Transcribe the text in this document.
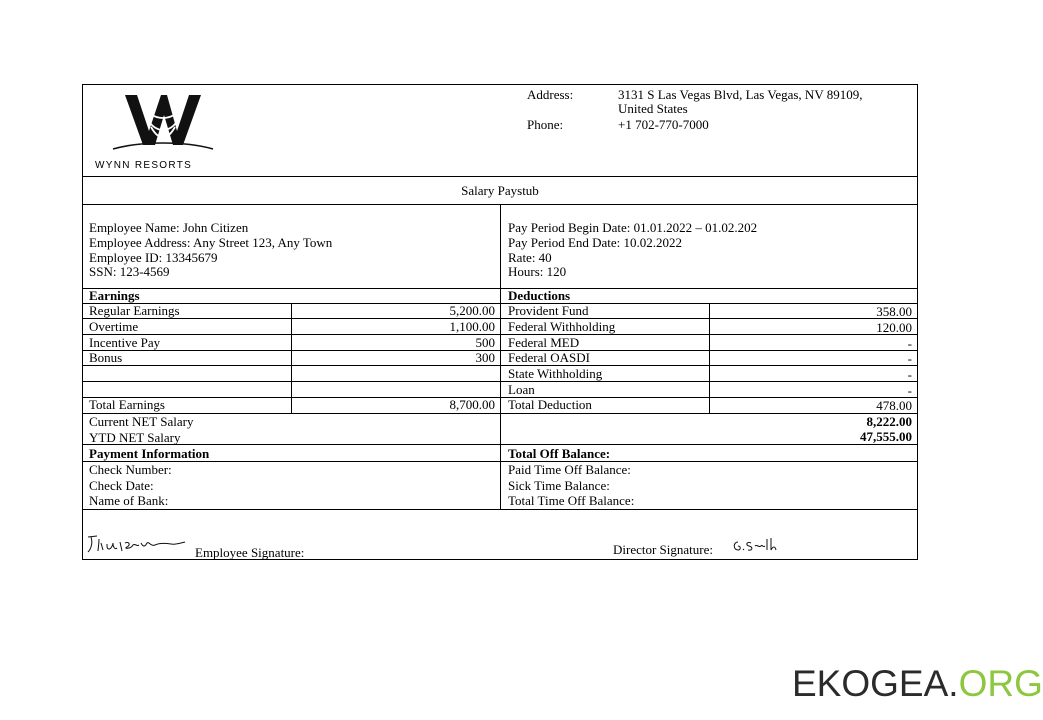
WYNN RESORTS
Address:	3131 S Las Vegas Blvd, Las Vegas, NV 89109,
United States
Phone:	+1 702-770-7000
Salary Paystub
Employee Name: John Citizen
Employee Address: Any Street 123, Any Town
Employee ID: 13345679
SSN: 123-4569
Pay Period Begin Date: 01.01.2022 – 01.02.202
Pay Period End Date: 10.02.2022
Rate: 40
Hours: 120
Earnings	Deductions
Regular Earnings	5,200.00
Overtime	1,100.00
Incentive Pay	500
Bonus	300
Total Earnings	8,700.00
Provident Fund	358.00
Federal Withholding	120.00
Federal MED	-
Federal OASDI	-
State Withholding	-
Loan	-
Total Deduction	478.00
Current NET Salary	8,222.00
YTD NET Salary	47,555.00
Payment Information	Total Off Balance:
Check Number:
Check Date:
Name of Bank:
Paid Time Off Balance:
Sick Time Balance:
Total Time Off Balance:
Employee Signature:	Director Signature:
EKOGEA.ORG
